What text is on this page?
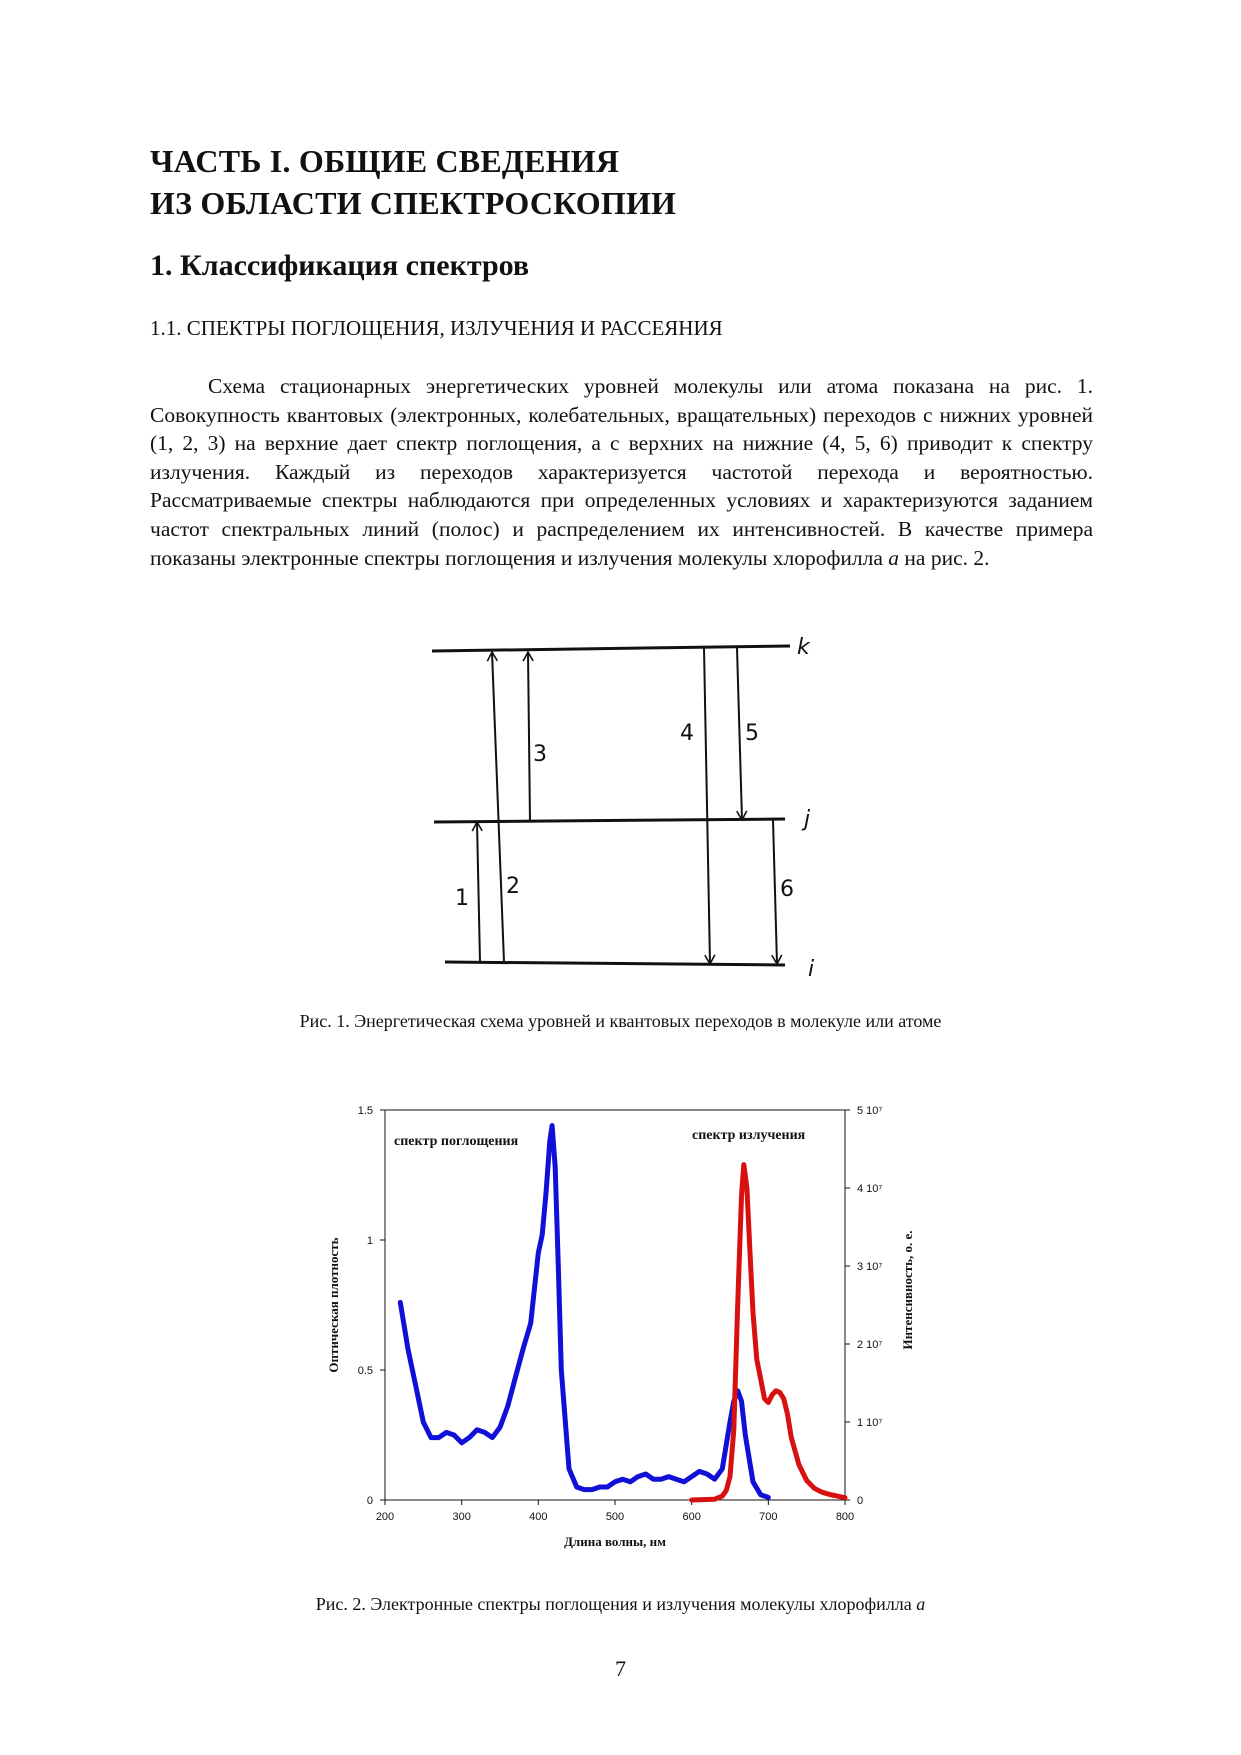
ЧАСТЬ I. ОБЩИЕ СВЕДЕНИЯ
ИЗ ОБЛАСТИ СПЕКТРОСКОПИИ
1. Классификация спектров
1.1. СПЕКТРЫ ПОГЛОЩЕНИЯ, ИЗЛУЧЕНИЯ И РАССЕЯНИЯ

Схема стационарных энергетических уровней молекулы или атома показана на рис. 1. Совокупность квантовых (электронных, колебательных, вращательных) переходов с нижних уровней (1, 2, 3) на верхние дает спектр поглощения, а с верхних на нижние (4, 5, 6) приводит к спектру излучения. Каждый из переходов характеризуется частотой перехода и вероятностью. Рассматриваемые спектры наблюдаются при определенных условиях и характеризуются заданием частот спектральных линий (полос) и распределением их интенсивностей. В качестве примера показаны электронные спектры поглощения и излучения молекулы хлорофилла a на рис. 2.

k
j
i
1 2
3
4 5
6

Рис. 1. Энергетическая схема уровней и квантовых переходов в молекуле или атоме

200	300	400	500	600	700	800
0
0.5
1
1.5
0
1 10⁷
2 10⁷
3 10⁷
4 10⁷
5 10⁷
спектр поглощения	спектр излучения
Длина волны, нм
Оптическая плотность	Интенсивность, о. е.

Рис. 2. Электронные спектры поглощения и излучения молекулы хлорофилла a

7
